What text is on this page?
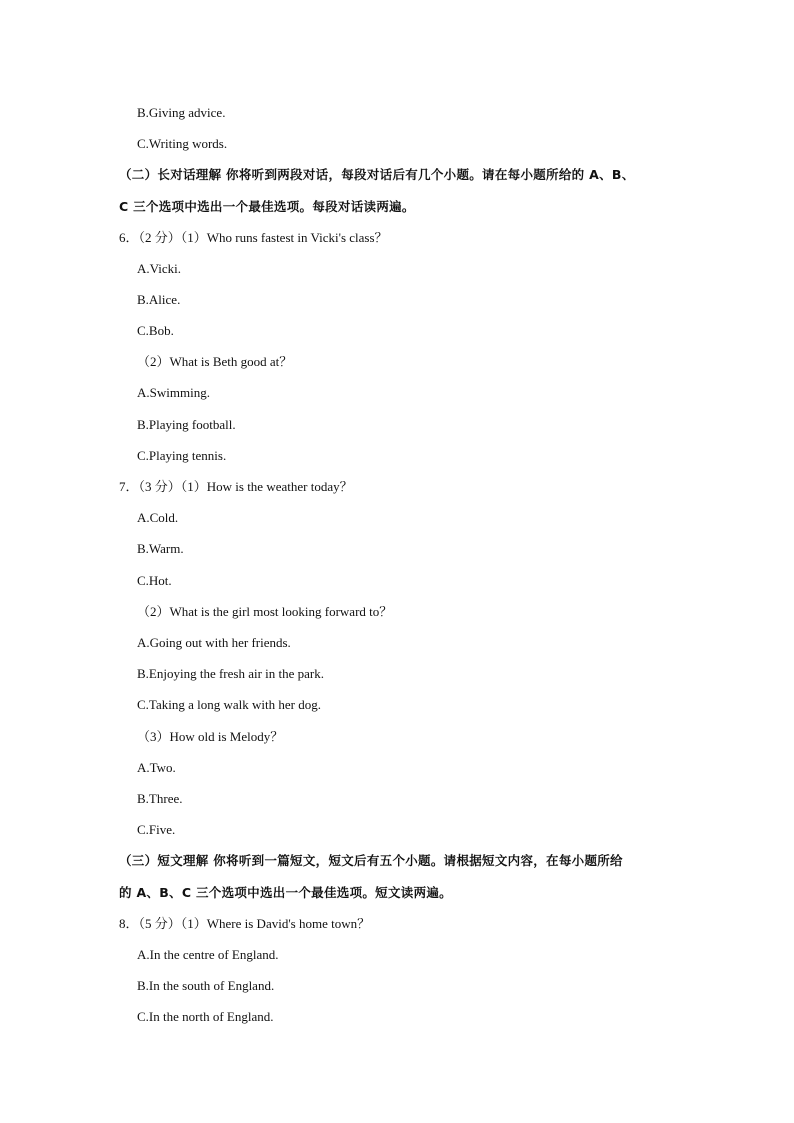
B.Giving advice.
C.Writing words.
（二）长对话理解 你将听到两段对话，每段对话后有几个小题。请在每小题所给的 A、B、
C 三个选项中选出一个最佳选项。每段对话读两遍。
6．（2 分）（1）Who runs fastest in Vicki's class？
A.Vicki.
B.Alice.
C.Bob.
（2）What is Beth good at？
A.Swimming.
B.Playing football.
C.Playing tennis.
7．（3 分）（1）How is the weather today？
A.Cold.
B.Warm.
C.Hot.
（2）What is the girl most looking forward to？
A.Going out with her friends.
B.Enjoying the fresh air in the park.
C.Taking a long walk with her dog.
（3）How old is Melody？
A.Two.
B.Three.
C.Five.
（三）短文理解 你将听到一篇短文，短文后有五个小题。请根据短文内容，在每小题所给
的 A、B、C 三个选项中选出一个最佳选项。短文读两遍。
8．（5 分）（1）Where is David's home town？
A.In the centre of England.
B.In the south of England.
C.In the north of England.
